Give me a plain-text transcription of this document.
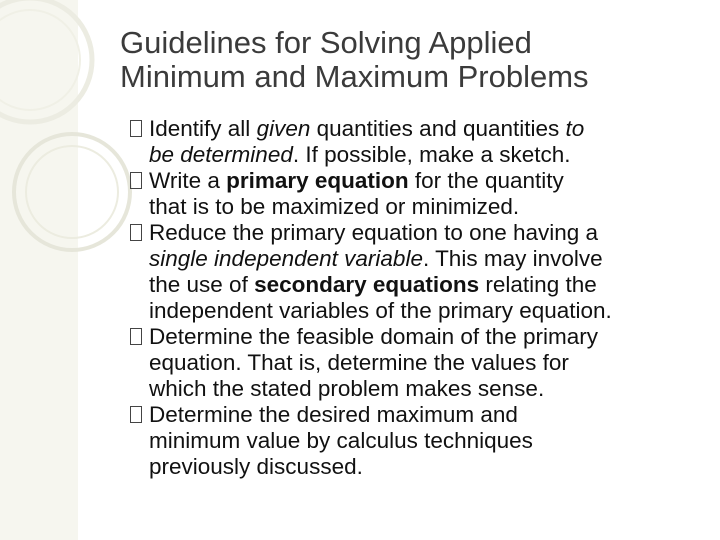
Guidelines for Solving Applied
Minimum and Maximum Problems
Identify all given quantities and quantities to
be determined. If possible, make a sketch.
Write a primary equation for the quantity
that is to be maximized or minimized.
Reduce the primary equation to one having a
single independent variable. This may involve
the use of secondary equations relating the
independent variables of the primary equation.
Determine the feasible domain of the primary
equation. That is, determine the values for
which the stated problem makes sense.
Determine the desired maximum and
minimum value by calculus techniques
previously discussed.
